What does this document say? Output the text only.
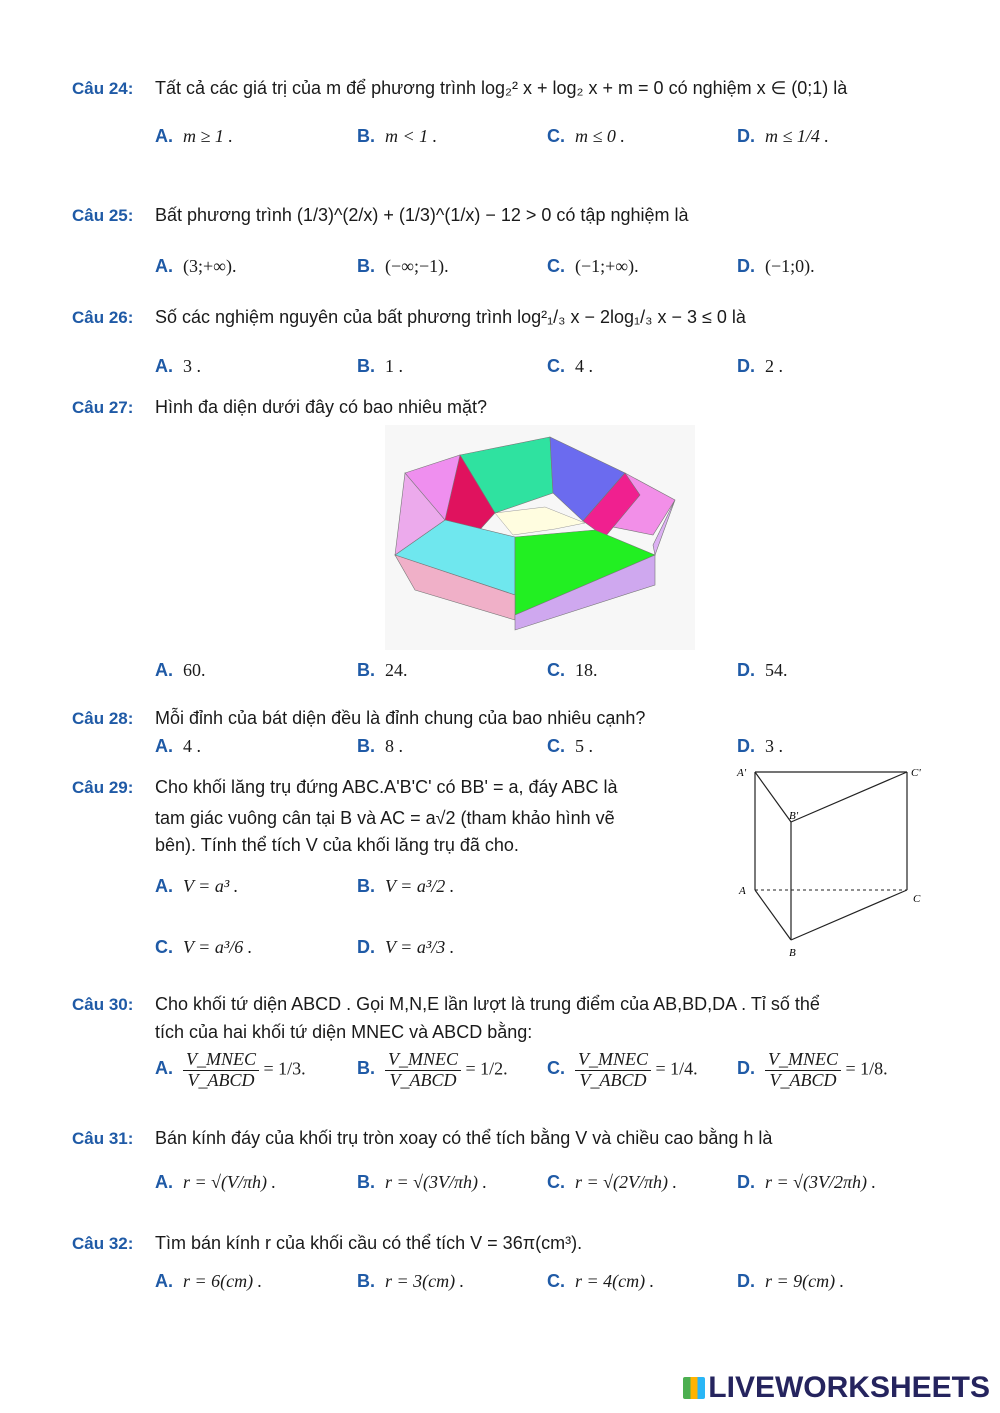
Câu 24: Tất cả các giá trị của m để phương trình log₂² x + log₂ x + m = 0 có nghiệm x ∈ (0;1) là
A. m ≥ 1 .	B. m < 1 .	C. m ≤ 0 .	D. m ≤ 1/4 .
Câu 25: Bất phương trình (1/3)^(2/x) + (1/3)^(1/x) − 12 > 0 có tập nghiệm là
A. (3;+∞).	B. (−∞;−1).	C. (−1;+∞).	D. (−1;0).
Câu 26: Số các nghiệm nguyên của bất phương trình log²₁/₃ x − 2log₁/₃ x − 3 ≤ 0 là
A. 3 .	B. 1 .	C. 4 .	D. 2 .
Câu 27: Hình đa diện dưới đây có bao nhiêu mặt?
A. 60.	B. 24.	C. 18.	D. 54.
Câu 28: Mỗi đỉnh của bát diện đều là đỉnh chung của bao nhiêu cạnh?
A. 4 .	B. 8 .	C. 5 .	D. 3 .
Câu 29: Cho khối lăng trụ đứng ABC.A'B'C' có BB' = a, đáy ABC là
tam giác vuông cân tại B và AC = a√2 (tham khảo hình vẽ
bên). Tính thể tích V của khối lăng trụ đã cho.
A. V = a³ .	B. V = a³/2 .
C. V = a³/6 .	D. V = a³/3 .
A'	C'
B'
A
C
B
Câu 30: Cho khối tứ diện ABCD . Gọi M,N,E lần lượt là trung điểm của AB,BD,DA . Tỉ số thể
tích của hai khối tứ diện MNEC và ABCD bằng:
A. $\frac{\text{V\_MNEC}}{\text{V\_ABCD}} = 1/3$.	B. $\frac{\text{V\_MNEC}}{\text{V\_ABCD}} = 1/2$. C. $\frac{\text{V\_MNEC}}{\text{V\_ABCD}} = 1/4$. D. $\frac{\text{V\_MNEC}}{\text{V\_ABCD}} = 1/8$.
Câu 31: Bán kính đáy của khối trụ tròn xoay có thể tích bằng V và chiều cao bằng h là
A. r = √(V/πh) .	B. r = √(3V/πh) .	C. r = √(2V/πh) .	D. r = √(3V/2πh) .
Câu 32: Tìm bán kính r của khối cầu có thể tích V = 36π(cm³).
A. r = 6(cm) .	B. r = 3(cm) .	C. r = 4(cm) .	D. r = 9(cm) .
LIVEWORKSHEETS
